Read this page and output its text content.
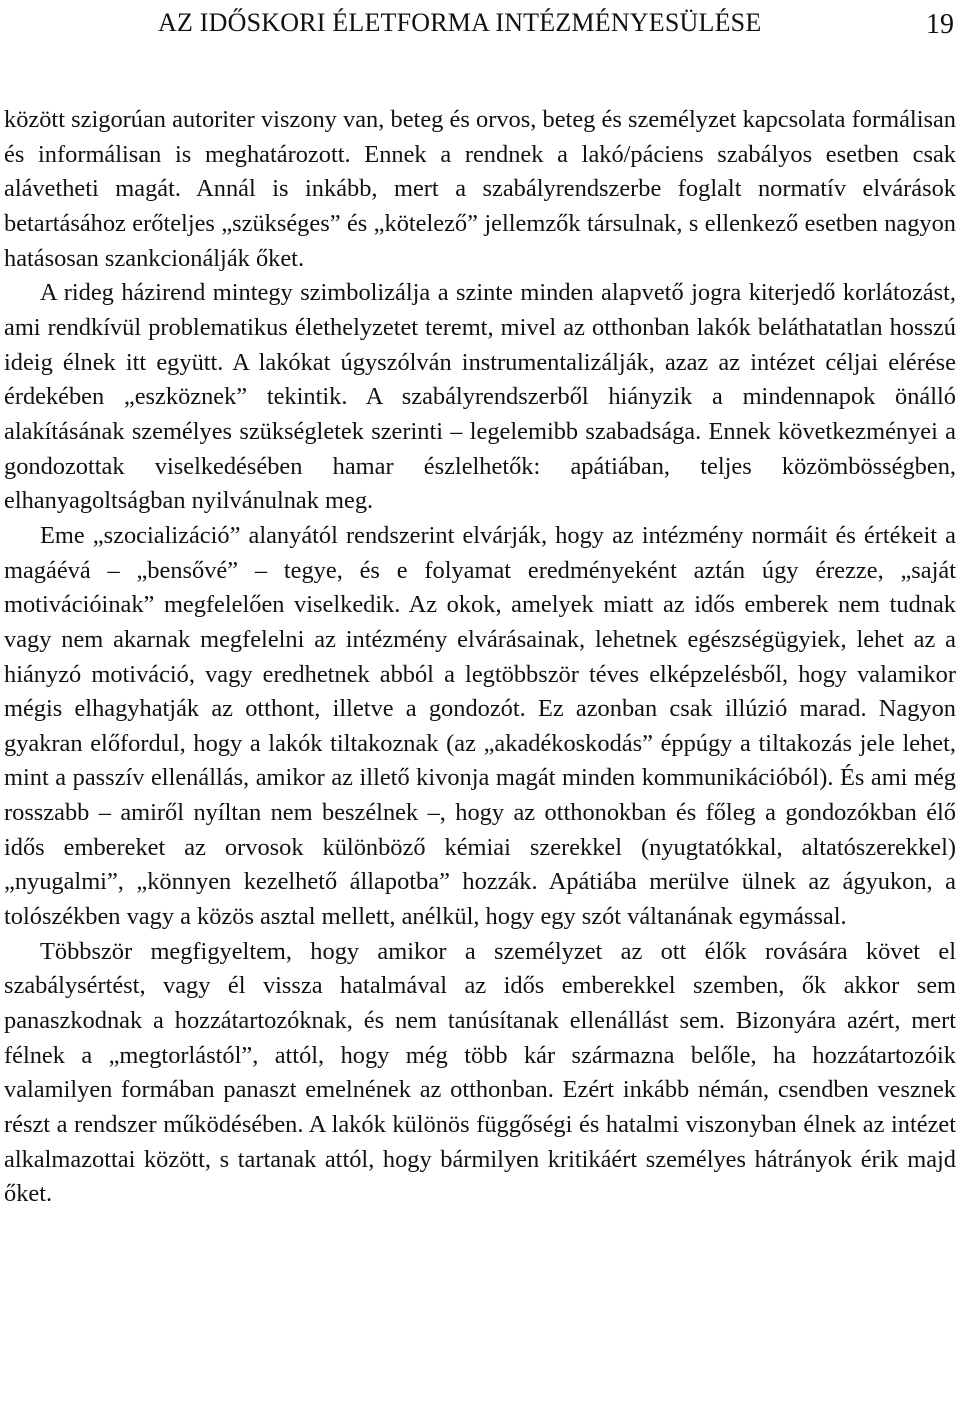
AZ IDŐSKORI ÉLETFORMA INTÉZMÉNYESÜLÉSE	19

között szigorúan autoriter viszony van, beteg és orvos, beteg és személyzet kapcsolata formálisan és informálisan is meghatározott. Ennek a rendnek a lakó/páciens szabályos esetben csak alávetheti magát. Annál is inkább, mert a szabályrendszerbe foglalt normatív elvárások betartásához erőteljes „szükséges” és „kötelező” jellemzők társulnak, s ellenkező esetben nagyon hatásosan szankcionálják őket.

A rideg házirend mintegy szimbolizálja a szinte minden alapvető jogra kiterjedő korlátozást, ami rendkívül problematikus élethelyzetet teremt, mivel az otthonban lakók beláthatatlan hosszú ideig élnek itt együtt. A lakókat úgyszólván instrumentalizálják, azaz az intézet céljai elérése érdekében „eszköznek” tekintik. A szabályrendszerből hiányzik a mindennapok önálló alakításának személyes szükségletek szerinti – legelemibb szabadsága. Ennek következményei a gondozottak viselkedésében hamar észlelhetők: apátiában, teljes közömbösségben, elhanyagoltságban nyilvánulnak meg.

Eme „szocializáció” alanyától rendszerint elvárják, hogy az intézmény normáit és értékeit a magáévá – „bensővé” – tegye, és e folyamat eredményeként aztán úgy érezze, „saját motivációinak” megfelelően viselkedik. Az okok, amelyek miatt az idős emberek nem tudnak vagy nem akarnak megfelelni az intézmény elvárásainak, lehetnek egészségügyiek, lehet az a hiányzó motiváció, vagy eredhetnek abból a legtöbbször téves elképzelésből, hogy valamikor mégis elhagyhatják az otthont, illetve a gondozót. Ez azonban csak illúzió marad. Nagyon gyakran előfordul, hogy a lakók tiltakoznak (az „akadékoskodás” éppúgy a tiltakozás jele lehet, mint a passzív ellenállás, amikor az illető kivonja magát minden kommunikációból). És ami még rosszabb – amiről nyíltan nem beszélnek –, hogy az otthonokban és főleg a gondozókban élő idős embereket az orvosok különböző kémiai szerekkel (nyugtatókkal, altatószerekkel) „nyugalmi”, „könnyen kezelhető állapotba” hozzák. Apátiába merülve ülnek az ágyukon, a tolószékben vagy a közös asztal mellett, anélkül, hogy egy szót váltanának egymással.

Többször megfigyeltem, hogy amikor a személyzet az ott élők rovására követ el szabálysértést, vagy él vissza hatalmával az idős emberekkel szemben, ők akkor sem panaszkodnak a hozzátartozóknak, és nem tanúsítanak ellenállást sem. Bizonyára azért, mert félnek a „megtorlástól”, attól, hogy még több kár származna belőle, ha hozzátartozóik valamilyen formában panaszt emelnének az otthonban. Ezért inkább némán, csendben vesznek részt a rendszer működésében. A lakók különös függőségi és hatalmi viszonyban élnek az intézet alkalmazottai között, s tartanak attól, hogy bármilyen kritikáért személyes hátrányok érik majd őket.
